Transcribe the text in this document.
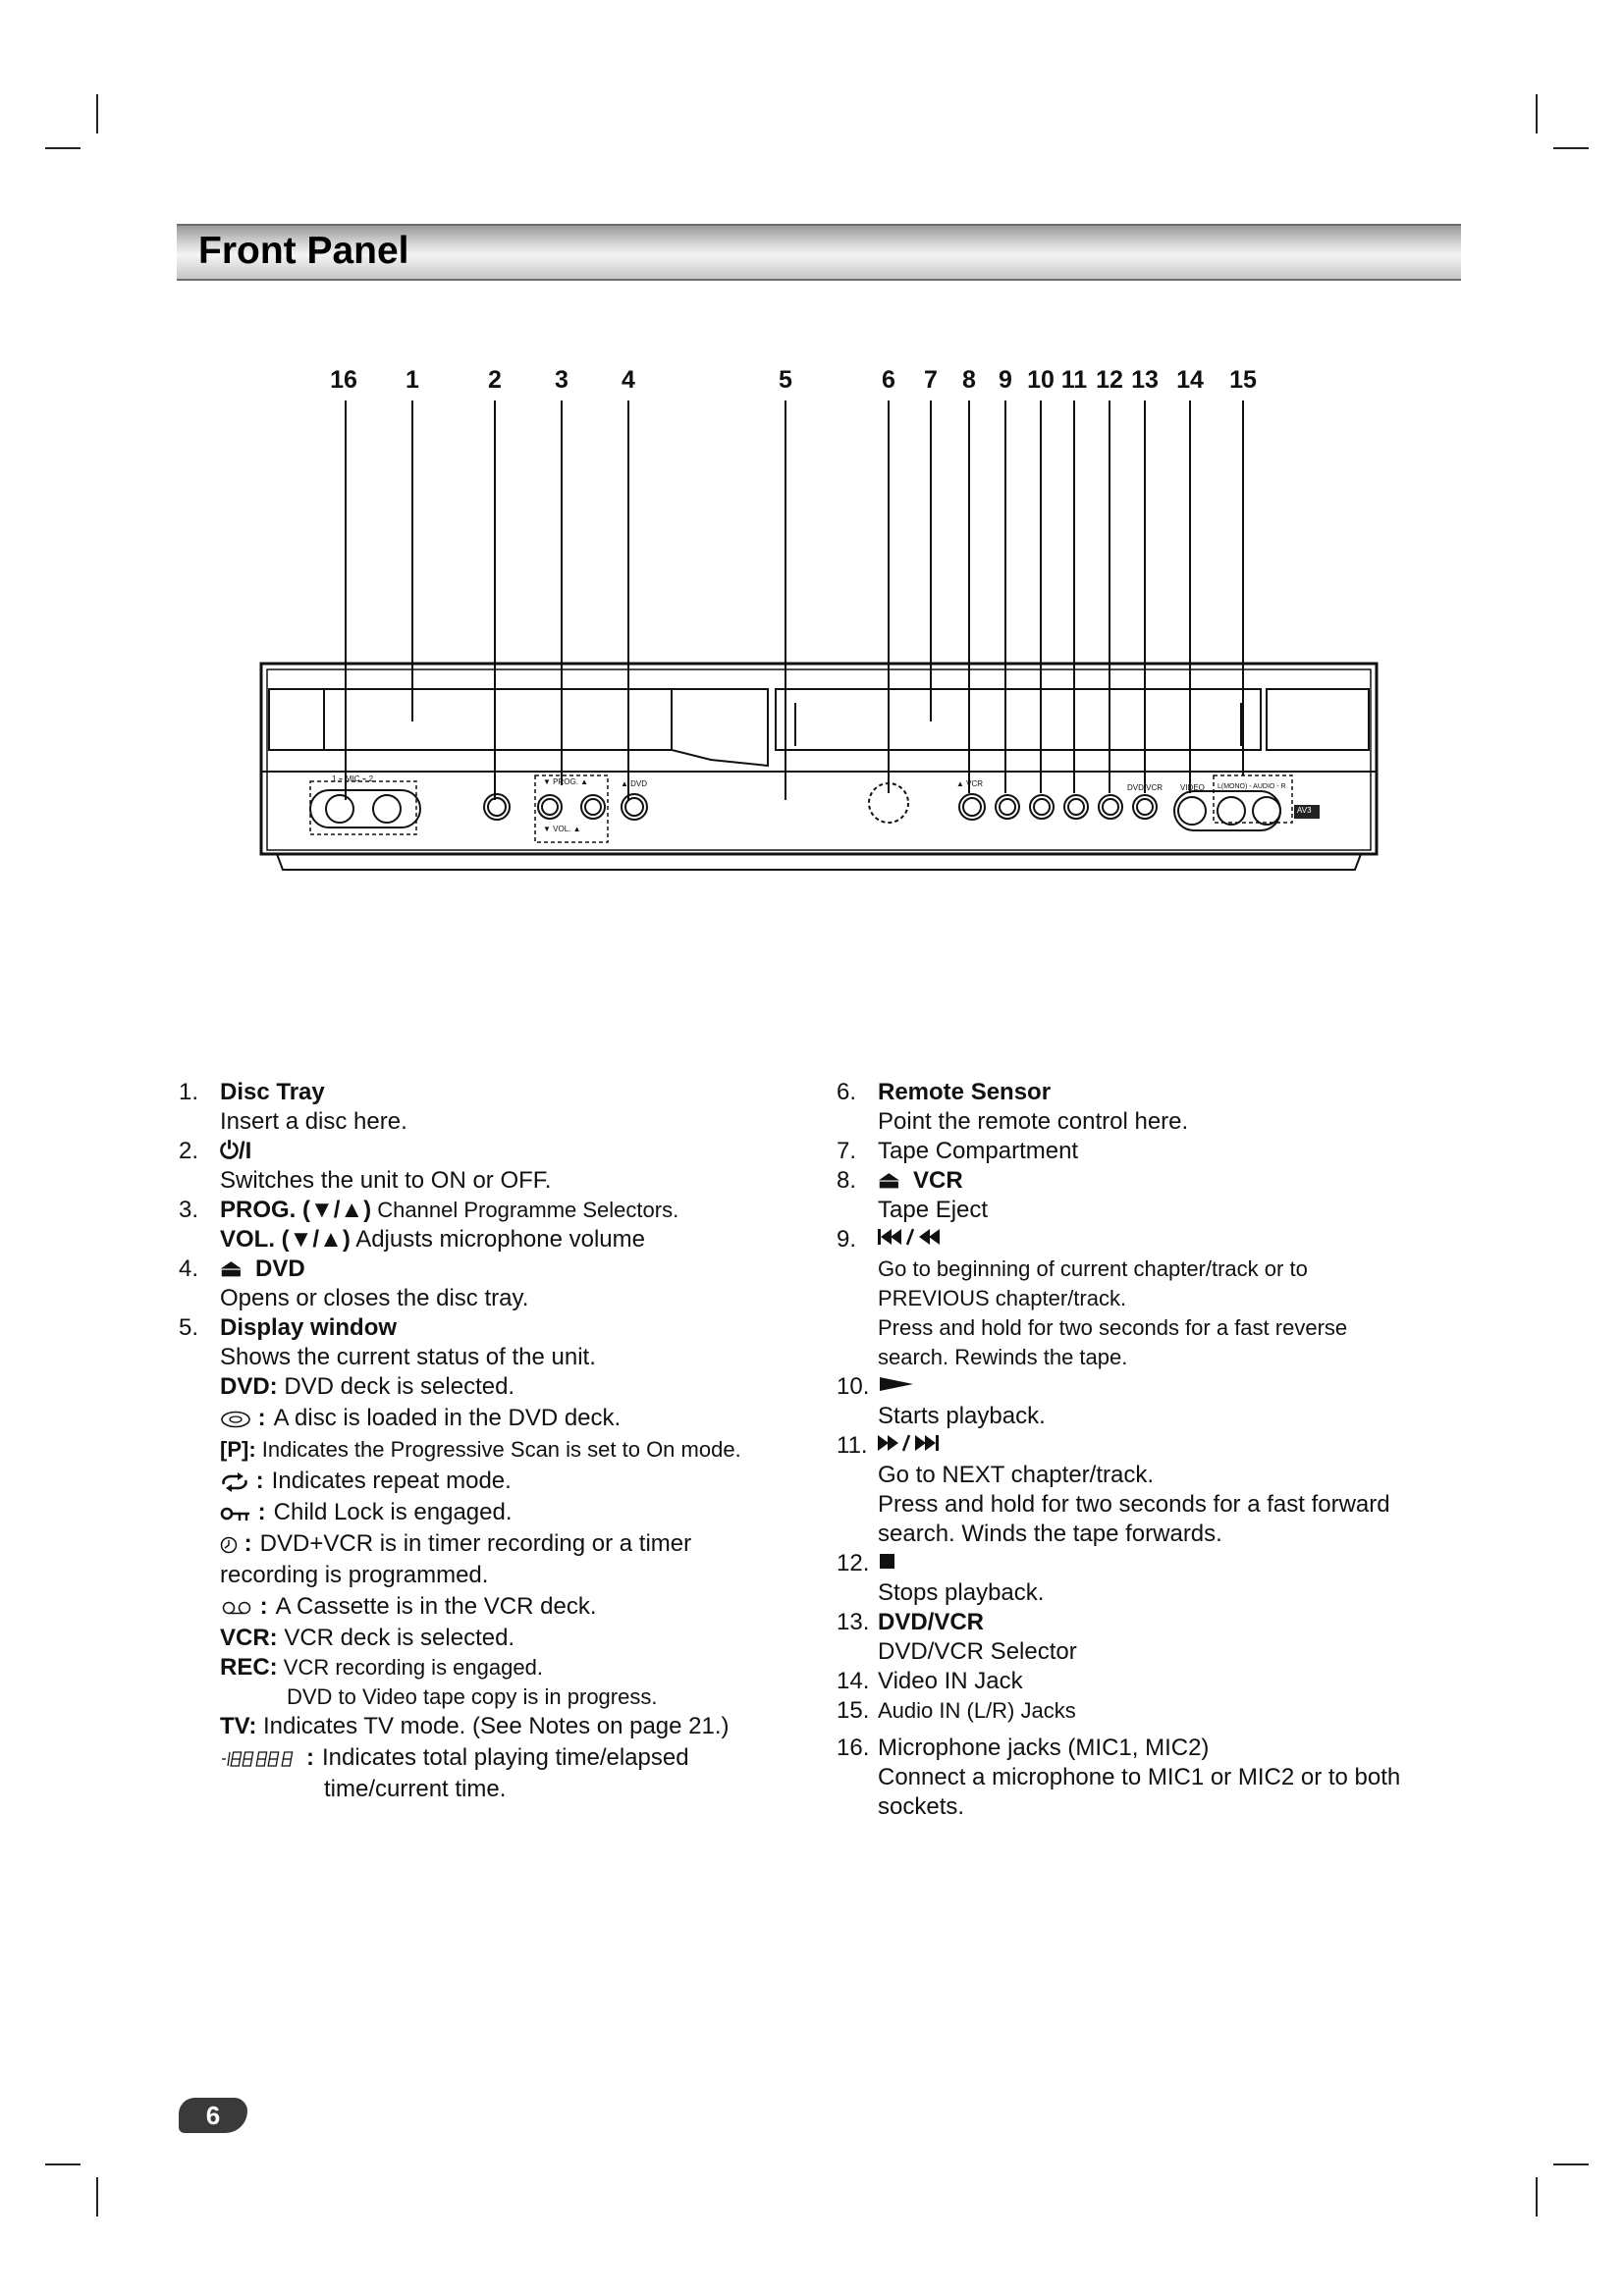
Front Panel
16	1	2	3	4	5	6	7	8 9 10 11 12 13 14	15
1 ⌁ MIC ⌁ 2	▼ PROG. ▲
▼ VOL. ▲
▲ DVD	▲ VCR	DVD/VCR VIDEO L(MONO) - AUDIO - R
AV3
1. Disc Tray
Insert a disc here.
2. ⏻/I
Switches the unit to ON or OFF.
3. PROG. (▼/▲) Channel Programme Selectors.
VOL. (▼/▲) Adjusts microphone volume
4. ⏏ DVD
Opens or closes the disc tray.
5. Display window
Shows the current status of the unit.
DVD: DVD deck is selected.
: A disc is loaded in the DVD deck.
[P]: Indicates the Progressive Scan is set to On mode.
: Indicates repeat mode.
: Child Lock is engaged.
: DVD+VCR is in timer recording or a timer
recording is programmed.
: A Cassette is in the VCR deck.
VCR: VCR deck is selected.
REC: VCR recording is engaged.
DVD to Video tape copy is in progress.
TV: Indicates TV mode. (See Notes on page 21.)
: Indicates total playing time/elapsed
time/current time.
6. Remote Sensor
Point the remote control here.
7. Tape Compartment
8. ⏏ VCR
Tape Eject
9.
Go to beginning of current chapter/track or to
PREVIOUS chapter/track.
Press and hold for two seconds for a fast reverse
search. Rewinds the tape.
10.
Starts playback.
11.
Go to NEXT chapter/track.
Press and hold for two seconds for a fast forward
search. Winds the tape forwards.
12.
Stops playback.
13. DVD/VCR
DVD/VCR Selector
14. Video IN Jack
15. Audio IN (L/R) Jacks
16. Microphone jacks (MIC1, MIC2)
Connect a microphone to MIC1 or MIC2 or to both
sockets.
6
